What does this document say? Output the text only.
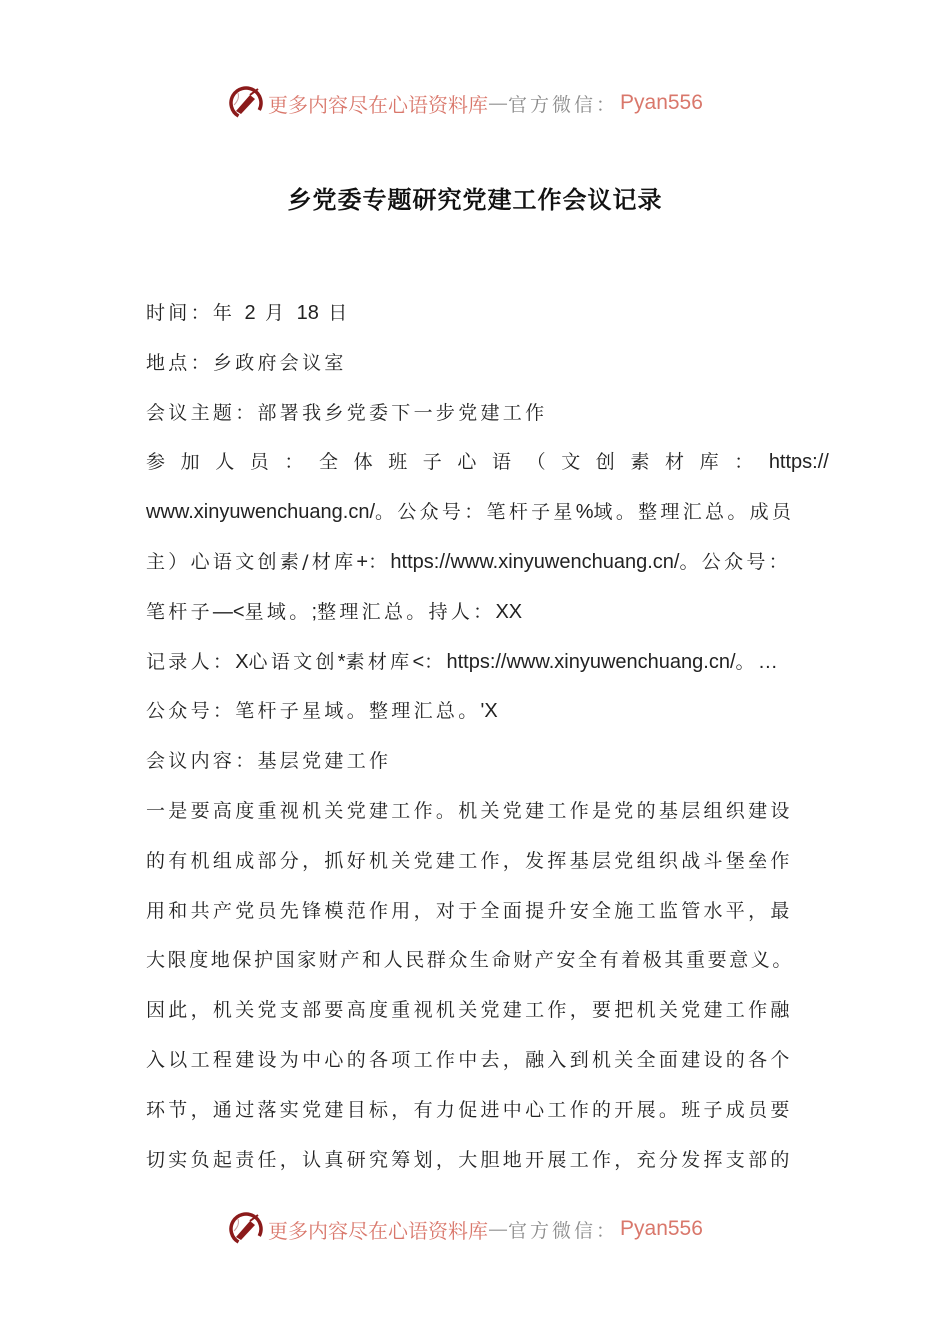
更多内容尽在心语资料库 — 官方微信： Pyan556
乡党委专题研究党建工作会议记录
时间：年 2 月 18 日
地点：乡政府会议室
会议主题：部署我乡党委下一步党建工作
参加人员：全体班子心语（文创素材库：https://
www.xinyuwenchuang.cn/。公众号：笔杆子星%域。整理汇总。成员
主）心语文创素/材库+：https://www.xinyuwenchuang.cn/。公众号：
笔杆子—<星域。;整理汇总。持人：XX
记录人：X心语文创*素材库<：https://www.xinyuwenchuang.cn/。…
公众号：笔杆子星域。整理汇总。'X
会议内容：基层党建工作
一是要高度重视机关党建工作。机关党建工作是党的基层组织建设
的有机组成部分，抓好机关党建工作，发挥基层党组织战斗堡垒作
用和共产党员先锋模范作用，对于全面提升安全施工监管水平，最
大限度地保护国家财产和人民群众生命财产安全有着极其重要意义。
因此，机关党支部要高度重视机关党建工作，要把机关党建工作融
入以工程建设为中心的各项工作中去，融入到机关全面建设的各个
环节，通过落实党建目标，有力促进中心工作的开展。班子成员要
切实负起责任，认真研究筹划，大胆地开展工作，充分发挥支部的
更多内容尽在心语资料库 — 官方微信： Pyan556
